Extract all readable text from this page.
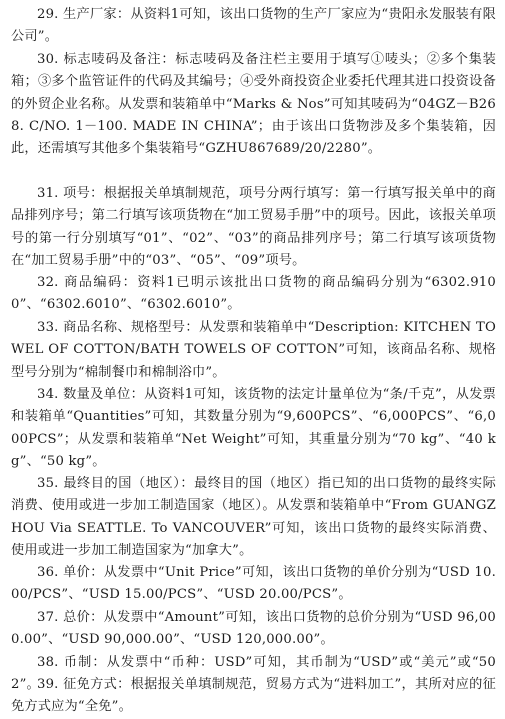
29. 生产厂家：从资料1可知，该出口货物的生产厂家应为“贵阳永发服装有限公司”。

30. 标志唛码及备注：标志唛码及备注栏主要用于填写①唛头；②多个集装箱；③多个监管证件的代码及其编号；④受外商投资企业委托代理其进口投资设备的外贸企业名称。从发票和装箱单中“Marks & Nos”可知其唛码为“04GZ－B268. C/NO. 1－100. MADE IN CHINA”；由于该出口货物涉及多个集装箱，因此，还需填写其他多个集装箱号“GZHU867689/20/2280”。

31. 项号：根据报关单填制规范，项号分两行填写：第一行填写报关单中的商品排列序号；第二行填写该项货物在“加工贸易手册”中的项号。因此，该报关单项号的第一行分别填写“01”、“02”、“03”的商品排列序号；第二行填写该项货物在“加工贸易手册”中的“03”、“05”、“09”项号。

32. 商品编码：资料1已明示该批出口货物的商品编码分别为“6302.9100”、“6302.6010”、“6302.6010”。

33. 商品名称、规格型号：从发票和装箱单中“Description: KITCHEN TOWEL OF COTTON/BATH TOWELS OF COTTON”可知，该商品名称、规格型号分别为“棉制餐巾和棉制浴巾”。

34. 数量及单位：从资料1可知，该货物的法定计量单位为“条/千克”，从发票和装箱单“Quantities”可知，其数量分别为“9,600PCS”、“6,000PCS”、“6,000PCS”；从发票和装箱单“Net Weight”可知，其重量分别为“70 kg”、“40 kg”、“50 kg”。

35. 最终目的国（地区）：最终目的国（地区）指已知的出口货物的最终实际消费、使用或进一步加工制造国家（地区）。从发票和装箱单中“From GUANGZHOU Via SEATTLE. To VANCOUVER”可知，该出口货物的最终实际消费、使用或进一步加工制造国家为“加拿大”。

36. 单价：从发票中“Unit Price”可知，该出口货物的单价分别为“USD 10.00/PCS”、“USD 15.00/PCS”、“USD 20.00/PCS”。

37. 总价：从发票中“Amount”可知，该出口货物的总价分别为“USD 96,000.00”、“USD 90,000.00”、“USD 120,000.00”。

38. 币制：从发票中“币种：USD”可知，其币制为“USD”或“美元”或“502”。

39. 征免方式：根据报关单填制规范，贸易方式为“进料加工”，其所对应的征免方式应为“全免”。
